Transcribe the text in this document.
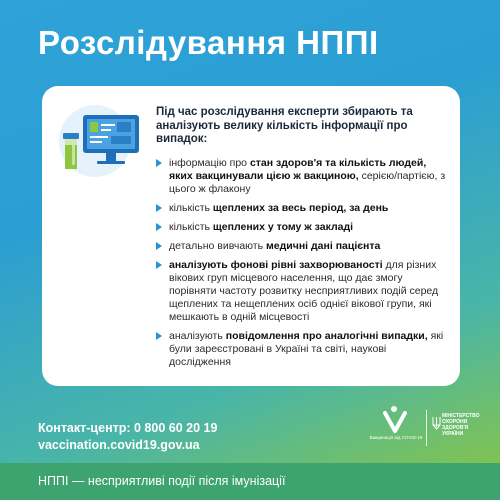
Розслідування НППІ
Під час розслідування експерти збирають та аналізують велику кількість інформації про випадок:
інформацію про стан здоров'я та кількість людей, яких вакцинували цією ж вакциною, серією/партією, з цього ж флакону
кількість щеплених за весь період, за день
кількість щеплених у тому ж закладі
детально вивчають медичні дані пацієнта
аналізують фонові рівні захворюваності для різних вікових груп місцевого населення, що дає змогу порівняти частоту розвитку несприятливих подій серед щеплених та нещеплених осіб однієї вікової групи, які мешкають в одній місцевості
аналізують повідомлення про аналогічні випадки, які були зареєстровані в Україні та світі, наукові дослідження
Контакт-центр: 0 800 60 20 19
vaccination.covid19.gov.ua
Вакцинація від COVID-19
МІНІСТЕРСТВО
ОХОРОНИ
ЗДОРОВ'Я
УКРАЇНИ
НППІ — несприятливі події після імунізації
